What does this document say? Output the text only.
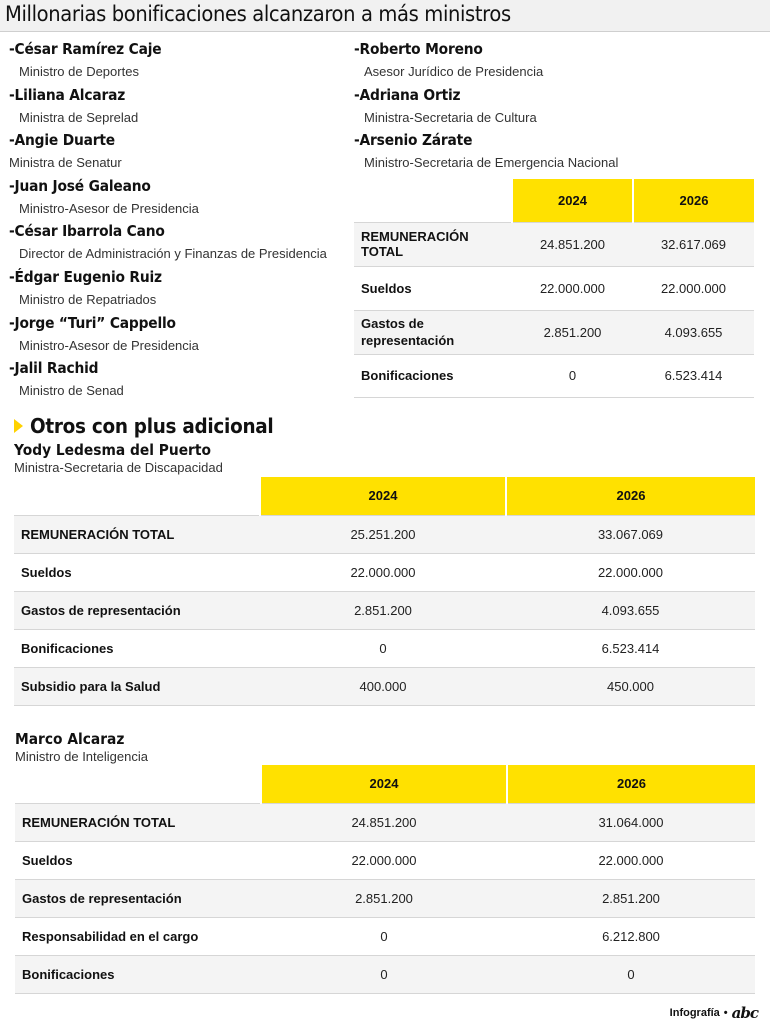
Millonarias bonificaciones alcanzaron a más ministros
-César Ramírez Caje
Ministro de Deportes
-Liliana Alcaraz
Ministra de Seprelad
-Angie Duarte
Ministra de Senatur
-Juan José Galeano
Ministro-Asesor de Presidencia
-César Ibarrola Cano
Director de Administración y Finanzas de Presidencia
-Édgar Eugenio Ruiz
Ministro de Repatriados
-Jorge “Turi” Cappello
Ministro-Asesor de Presidencia
-Jalil Rachid
Ministro de Senad
-Roberto Moreno
Asesor Jurídico de Presidencia
-Adriana Ortiz
Ministra-Secretaria de Cultura
-Arsenio Zárate
Ministro-Secretaria de Emergencia Nacional
	2024	2026
REMUNERACIÓN TOTAL	24.851.200	32.617.069
Sueldos	22.000.000	22.000.000
Gastos de representación	2.851.200	4.093.655
Bonificaciones	0	6.523.414
Otros con plus adicional
Yody Ledesma del Puerto
Ministra-Secretaria de Discapacidad
	2024	2026
REMUNERACIÓN TOTAL	25.251.200	33.067.069
Sueldos	22.000.000	22.000.000
Gastos de representación	2.851.200	4.093.655
Bonificaciones	0	6.523.414
Subsidio para la Salud	400.000	450.000
Marco Alcaraz
Ministro de Inteligencia
	2024	2026
REMUNERACIÓN TOTAL	24.851.200	31.064.000
Sueldos	22.000.000	22.000.000
Gastos de representación	2.851.200	2.851.200
Responsabilidad en el cargo	0	6.212.800
Bonificaciones	0	0
Infografía • abc
